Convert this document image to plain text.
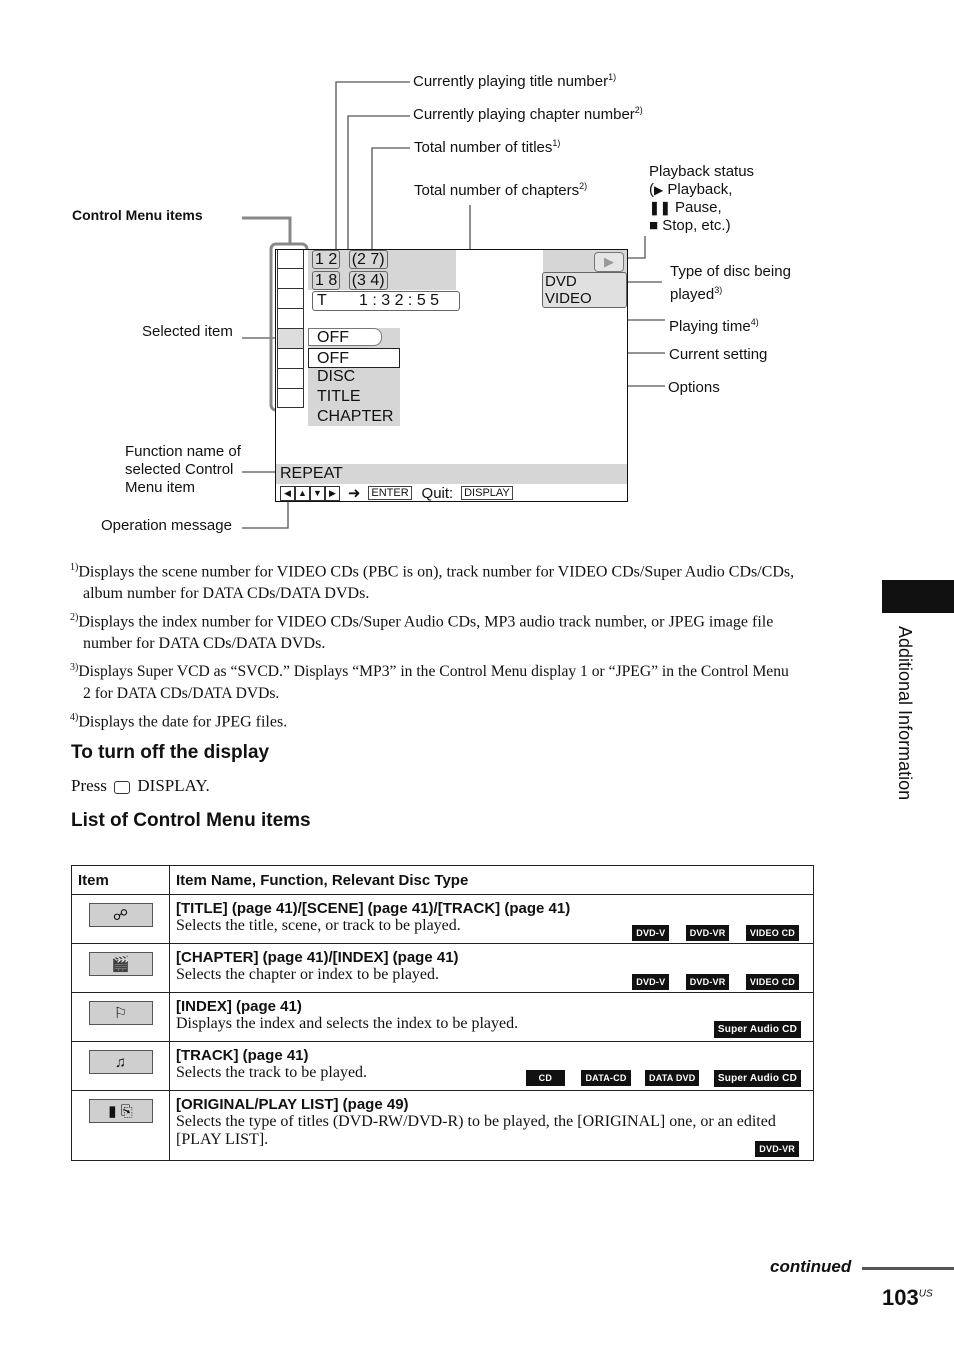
Currently playing title number$^{1)}$
Currently playing chapter number$^{2)}$
Total number of titles$^{1)}$
Total number of chapters$^{2)}$
Playback status
(▶ Playback,
❚❚ Pause,
■ Stop, etc.)
Control Menu items
Selected item
Type of disc being
played$^{3)}$
Playing time$^{4)}$
Current setting
Options
Function name of
selected Control
Menu item
Operation message
1 2 (2 7)
1 8 (3 4)
T 1 : 3 2 : 5 5
▶
DVD VIDEO
OFF
OFF
DISC
TITLE
CHAPTER
REPEAT
◀ ▲ ▼ ▶ ➜ ENTER Quit: DISPLAY
$^{1)}$Displays the scene number for VIDEO CDs (PBC is on), track number for VIDEO CDs/Super Audio CDs/CDs,
album number for DATA CDs/DATA DVDs.
$^{2)}$Displays the index number for VIDEO CDs/Super Audio CDs, MP3 audio track number, or JPEG image file
number for DATA CDs/DATA DVDs.
$^{3)}$Displays Super VCD as “SVCD.” Displays “MP3” in the Control Menu display 1 or “JPEG” in the Control Menu
2 for DATA CDs/DATA DVDs.
$^{4)}$Displays the date for JPEG files.
To turn off the display
Press DISPLAY.
List of Control Menu items
Item	Item Name, Function, Relevant Disc Type

☍	[TITLE] (page 41)/[SCENE] (page 41)/[TRACK] (page 41)
Selects the title, scene, or track to be played. DVD-V DVD-VR VIDEO CD

🎬	[CHAPTER] (page 41)/[INDEX] (page 41)
Selects the chapter or index to be played. DVD-V DVD-VR VIDEO CD

⚐	[INDEX] (page 41)
Displays the index and selects the index to be played. Super Audio CD

♫	[TRACK] (page 41)
Selects the track to be played. CD DATA-CD DATA DVD Super Audio CD

▮ ⎘	[ORIGINAL/PLAY LIST] (page 49)
Selects the type of titles (DVD-RW/DVD-R) to be played, the [ORIGINAL] one, or an edited
[PLAY LIST].
DVD-VR
Additional Information
continued
$103^{US}$
